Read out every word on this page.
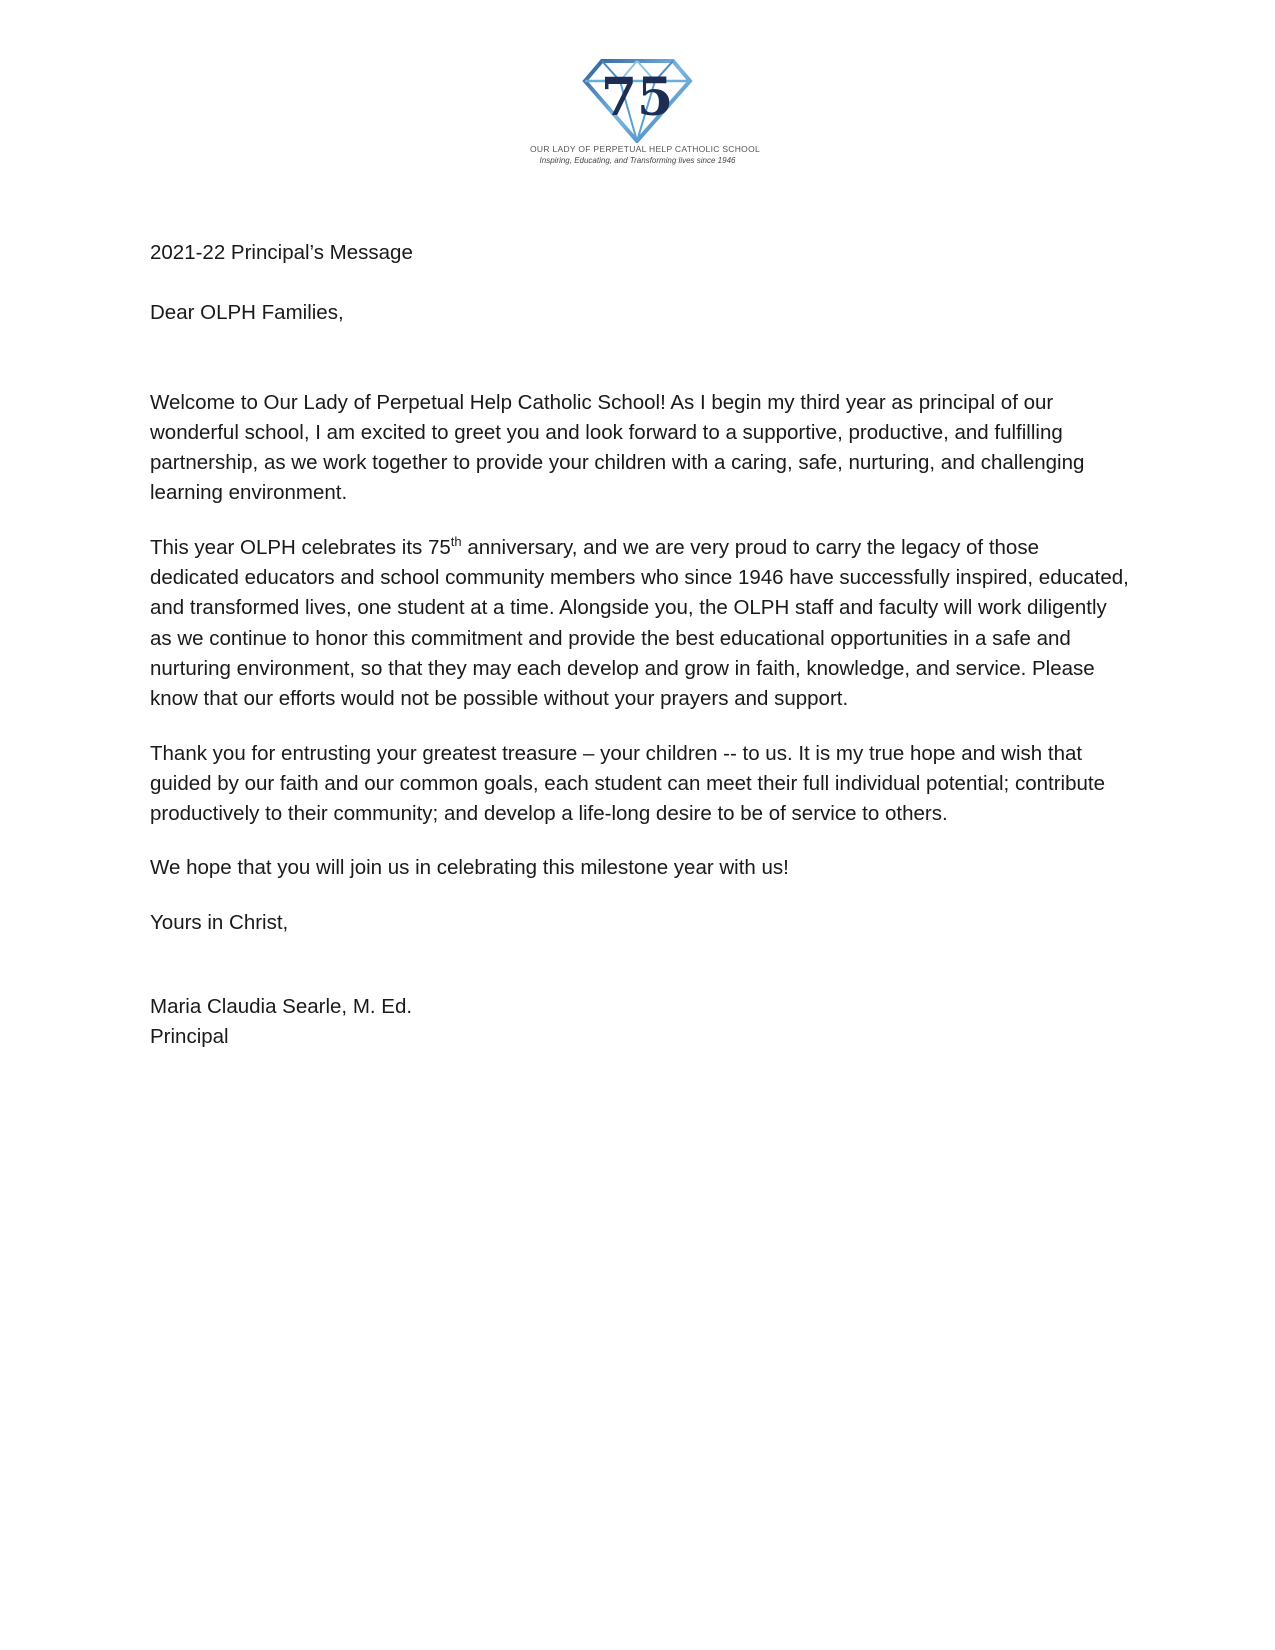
75
OUR LADY OF PERPETUAL HELP CATHOLIC SCHOOL
Inspiring, Educating, and Transforming lives since 1946

2021-22 Principal’s Message

Dear OLPH Families,

Welcome to Our Lady of Perpetual Help Catholic School! As I begin my third year as principal of our wonderful school, I am excited to greet you and look forward to a supportive, productive, and fulfilling partnership, as we work together to provide your children with a caring, safe, nurturing, and challenging learning environment.

This year OLPH celebrates its 75th anniversary, and we are very proud to carry the legacy of those dedicated educators and school community members who since 1946 have successfully inspired, educated, and transformed lives, one student at a time. Alongside you, the OLPH staff and faculty will work diligently as we continue to honor this commitment and provide the best educational opportunities in a safe and nurturing environment, so that they may each develop and grow in faith, knowledge, and service. Please know that our efforts would not be possible without your prayers and support.

Thank you for entrusting your greatest treasure – your children -- to us. It is my true hope and wish that guided by our faith and our common goals, each student can meet their full individual potential; contribute productively to their community; and develop a life-long desire to be of service to others.

We hope that you will join us in celebrating this milestone year with us!

Yours in Christ,

Maria Claudia Searle, M. Ed.

Principal
